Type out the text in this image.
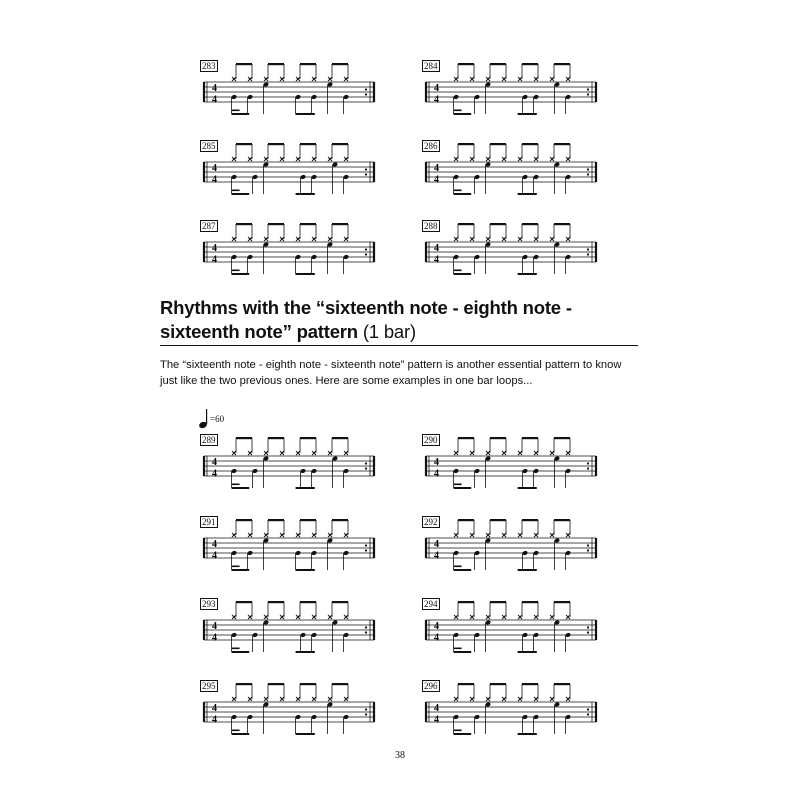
283
4
4
284
4
4
285
4
4
286
4
4
287
4
4
288
4
4
Rhythms with the “sixteenth note - eighth note - sixteenth note” pattern (1 bar)

The “sixteenth note - eighth note - sixteenth note” pattern is another essential pattern to know just like the two previous ones. Here are some examples in one bar loops...

=60
289
4
4
290
4
4
291
4
4
292
4
4
293
4
4
294
4
4
295
4
4
296
4
4
38
